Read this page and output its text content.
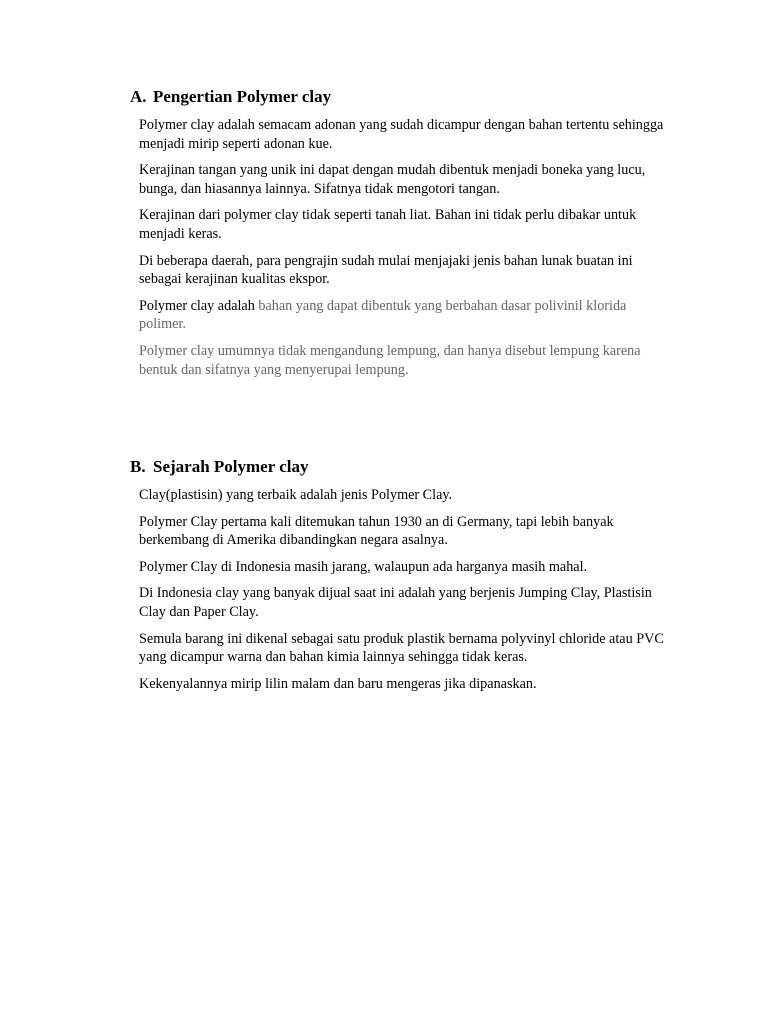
A. Pengertian Polymer clay

Polymer clay adalah semacam adonan yang sudah dicampur dengan bahan tertentu sehingga menjadi mirip seperti adonan kue.

Kerajinan tangan yang unik ini dapat dengan mudah dibentuk menjadi boneka yang lucu, bunga, dan hiasannya lainnya. Sifatnya tidak mengotori tangan.

Kerajinan dari polymer clay tidak seperti tanah liat. Bahan ini tidak perlu dibakar untuk menjadi keras.

Di beberapa daerah, para pengrajin sudah mulai menjajaki jenis bahan lunak buatan ini sebagai kerajinan kualitas ekspor.

Polymer clay adalah bahan yang dapat dibentuk yang berbahan dasar polivinil klorida polimer.

Polymer clay umumnya tidak mengandung lempung, dan hanya disebut lempung karena bentuk dan sifatnya yang menyerupai lempung.

B. Sejarah Polymer clay

Clay(plastisin) yang terbaik adalah jenis Polymer Clay.

Polymer Clay pertama kali ditemukan tahun 1930 an di Germany, tapi lebih banyak berkembang di Amerika dibandingkan negara asalnya.

Polymer Clay di Indonesia masih jarang, walaupun ada harganya masih mahal.

Di Indonesia clay yang banyak dijual saat ini adalah yang berjenis Jumping Clay, Plastisin Clay dan Paper Clay.

Semula barang ini dikenal sebagai satu produk plastik bernama polyvinyl chloride atau PVC yang dicampur warna dan bahan kimia lainnya sehingga tidak keras.

Kekenyalannya mirip lilin malam dan baru mengeras jika dipanaskan.
